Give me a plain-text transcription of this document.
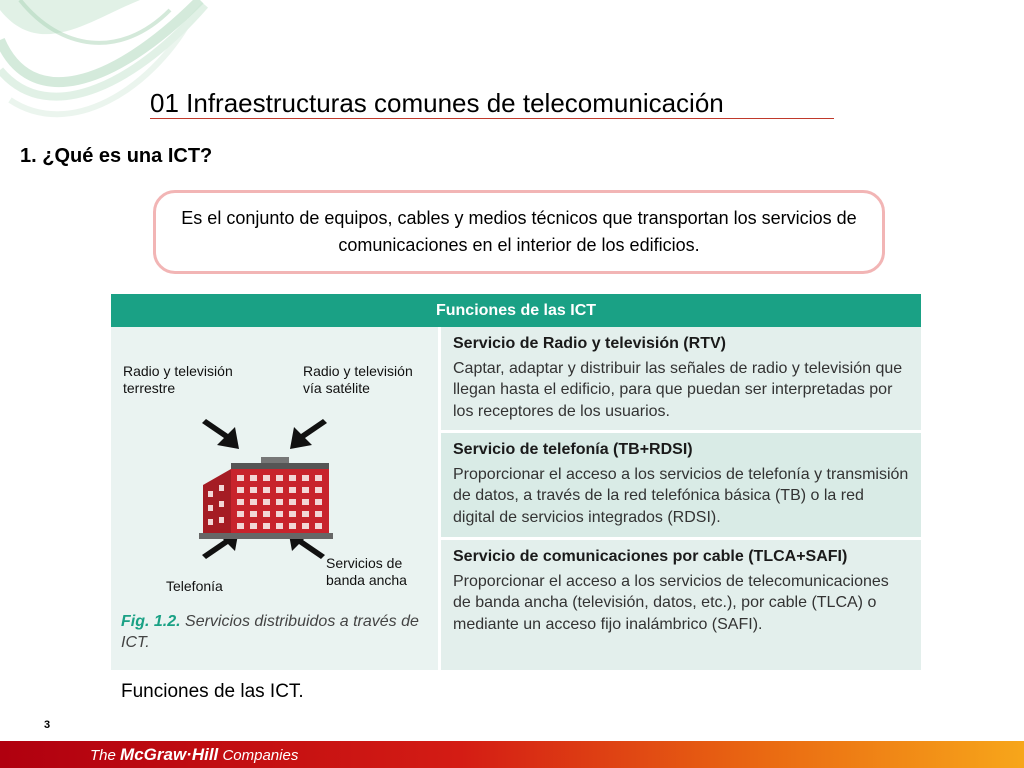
01 Infraestructuras comunes de telecomunicación
1. ¿Qué es una ICT?
Es el conjunto de equipos, cables y medios técnicos que transportan los servicios de comunicaciones en el interior de los edificios.
Funciones de las ICT
Radio y televisión terrestre
Radio y televisión vía satélite
Telefonía
Servicios de banda ancha
Fig. 1.2. Servicios distribuidos a través de ICT.
Servicio de Radio y televisión (RTV)
Captar, adaptar y distribuir las señales de radio y televisión que llegan hasta el edificio, para que puedan ser interpretadas por los receptores de los usuarios.
Servicio de telefonía (TB+RDSI)
Proporcionar el acceso a los servicios de telefonía y transmisión de datos, a través de la red telefónica básica (TB) o la red digital de servicios integrados (RDSI).
Servicio de comunicaciones por cable (TLCA+SAFI)
Proporcionar el acceso a los servicios de telecomunicaciones de banda ancha (televisión, datos, etc.), por cable (TLCA) o mediante un acceso fijo inalámbrico (SAFI).
Funciones de las ICT.
3
The McGraw·Hill Companies
